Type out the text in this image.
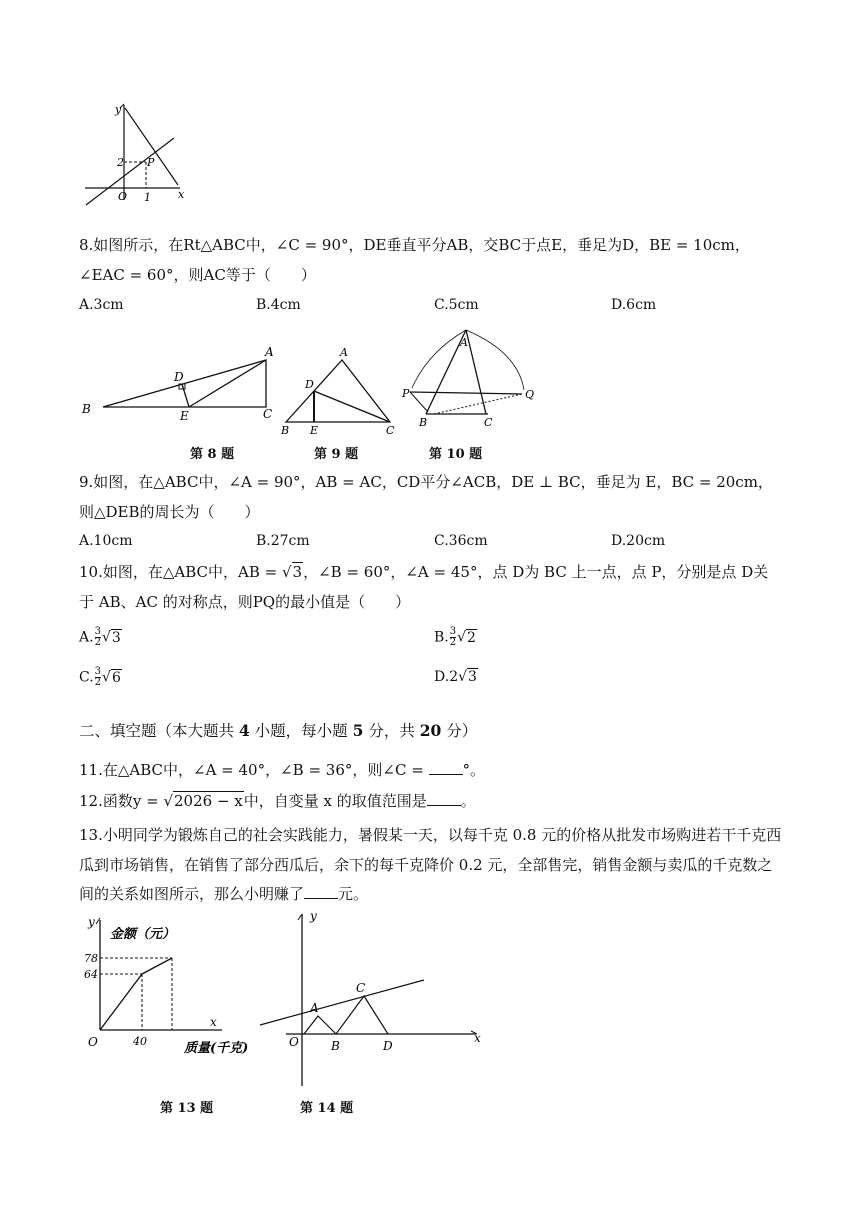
y
x
2 P
O 1
8.如图所示，在Rt△ABC中，∠C = 90°，DE垂直平分AB，交BC于点E，垂足为D，BE = 10cm，
∠EAC = 60°，则AC等于（　　）
A.3cm	B.4cm	C.5cm	D.6cm
A
B	C
D
E
第 8 题
A
B	C
D
E
第 9 题
A
B	C
P	Q
第 10 题
9.如图，在△ABC中，∠A = 90°，AB = AC，CD平分∠ACB，DE ⊥ BC，垂足为 E，BC = 20cm，
则△DEB的周长为（　　）
A.10cm	B.27cm	C.36cm	D.20cm
10.如图，在△ABC中，AB = √3，∠B = 60°，∠A = 45°，点 D为 BC 上一点，点 P，分别是点 D关
于 AB、AC 的对称点，则PQ的最小值是（　　）
A. $\frac{3}{2} √3$	B. $\frac{3}{2} √2$
C. $\frac{3}{2} √6$	D.2√3
二、填空题（本大题共 4 小题，每小题 5 分，共 20 分）
11.在△ABC中，∠A = 40°，∠B = 36°，则∠C = °。
12.函数y = √2026 − x中，自变量 x 的取值范围是 。
13.小明同学为锻炼自己的社会实践能力，暑假某一天，以每千克 0.8 元的价格从批发市场购进若干千克西
瓜到市场销售，在销售了部分西瓜后，余下的每千克降价 0.2 元，全部售完，销售金额与卖瓜的千克数之
间的关系如图所示，那么小明赚了 元。
y
金额（元）
78
64
x
40	质量(千克)
O
第 13 题
y
x
O
A
B
C
D
第 14 题
